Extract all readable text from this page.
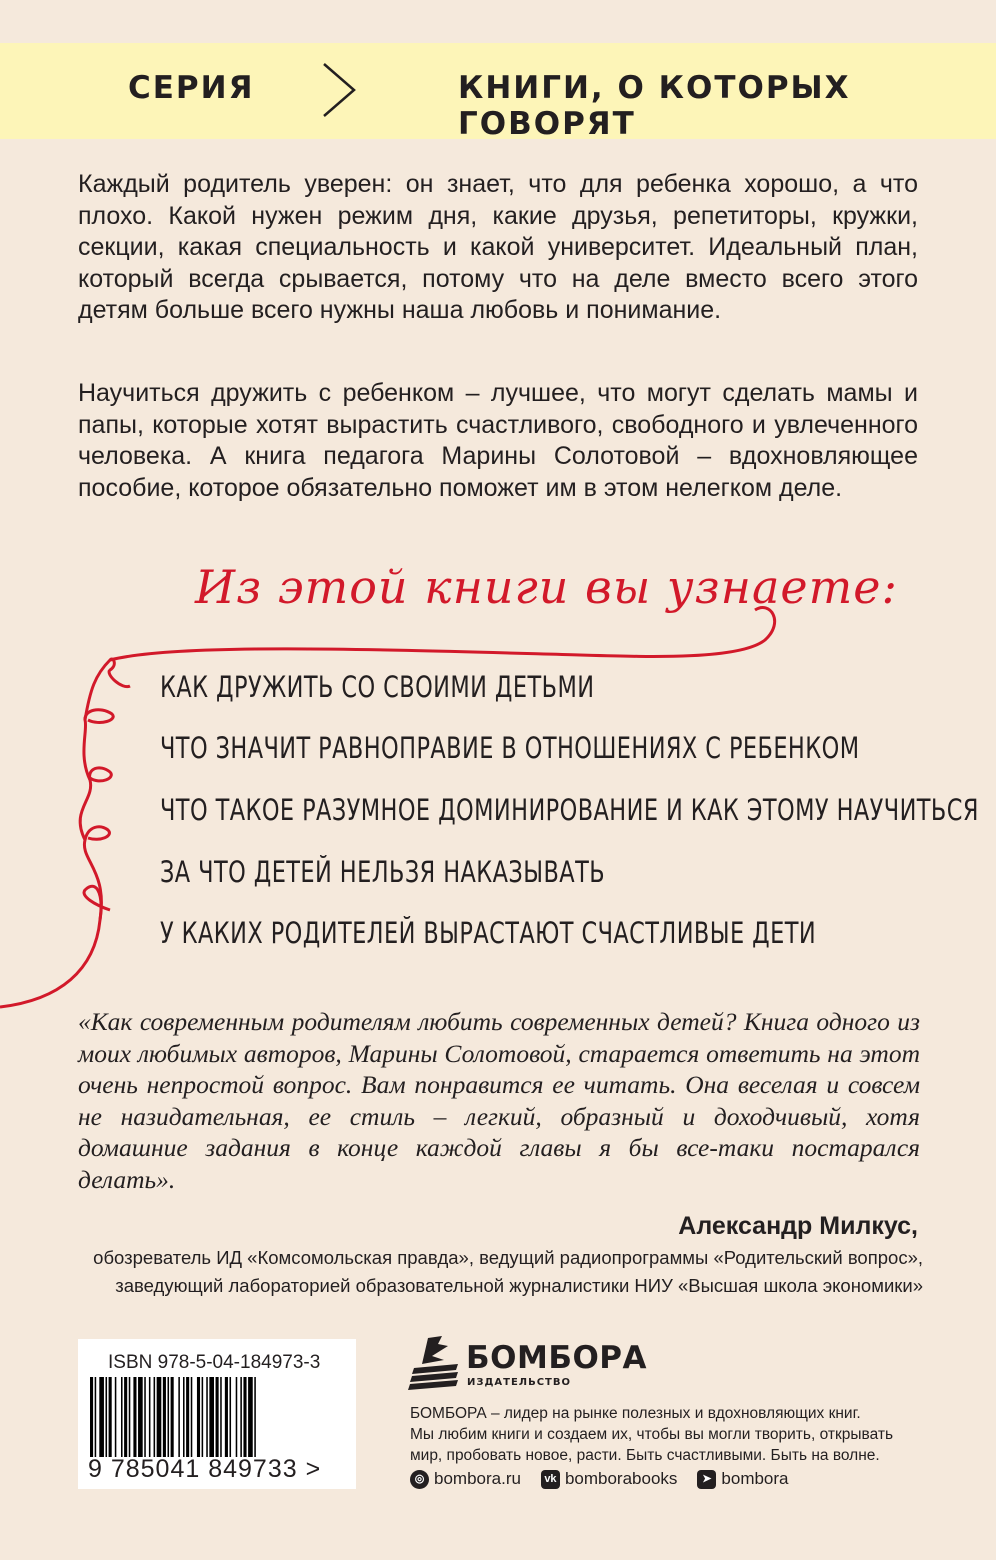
СЕРИЯ	КНИГИ, О КОТОРЫХ ГОВОРЯТ
Каждый родитель уверен: он знает, что для ребенка хорошо, а что плохо. Какой нужен режим дня, какие друзья, репетиторы, кружки, секции, какая специальность и какой университет. Идеальный план, который всегда срывается, потому что на деле вместо всего этого детям больше всего нужны наша любовь и понимание.
Научиться дружить с ребенком – лучшее, что могут сделать мамы и папы, которые хотят вырастить счастливого, свободного и увлеченного человека. А книга педагога Марины Солотовой – вдохновляющее пособие, которое обязательно поможет им в этом нелегком деле.
Из этой книги вы узнаете:
КАК ДРУЖИТЬ СО СВОИМИ ДЕТЬМИ
ЧТО ЗНАЧИТ РАВНОПРАВИЕ В ОТНОШЕНИЯХ С РЕБЕНКОМ
ЧТО ТАКОЕ РАЗУМНОЕ ДОМИНИРОВАНИЕ И КАК ЭТОМУ НАУЧИТЬСЯ
ЗА ЧТО ДЕТЕЙ НЕЛЬЗЯ НАКАЗЫВАТЬ
У КАКИХ РОДИТЕЛЕЙ ВЫРАСТАЮТ СЧАСТЛИВЫЕ ДЕТИ
«Как современным родителям любить современных детей? Книга одного из моих любимых авторов, Марины Солотовой, старается ответить на этот очень непростой вопрос. Вам понравится ее читать. Она веселая и совсем не назидательная, ее стиль – легкий, образный и доходчивый, хотя домашние задания в конце каждой главы я бы все-таки постарался делать».
Александр Милкус,
обозреватель ИД «Комсомольская правда», ведущий радиопрограммы «Родительский вопрос»,
заведующий лабораторией образовательной журналистики НИУ «Высшая школа экономики»
ISBN 978-5-04-184973-3
9 785041 849733 >
БОМБОРА
ИЗДАТЕЛЬСТВО
БОМБОРА – лидер на рынке полезных и вдохновляющих книг.
Мы любим книги и создаем их, чтобы вы могли творить, открывать
мир, пробовать новое, расти. Быть счастливыми. Быть на волне.
◎ bombora.ru	vk bomborabooks	➤ bombora
